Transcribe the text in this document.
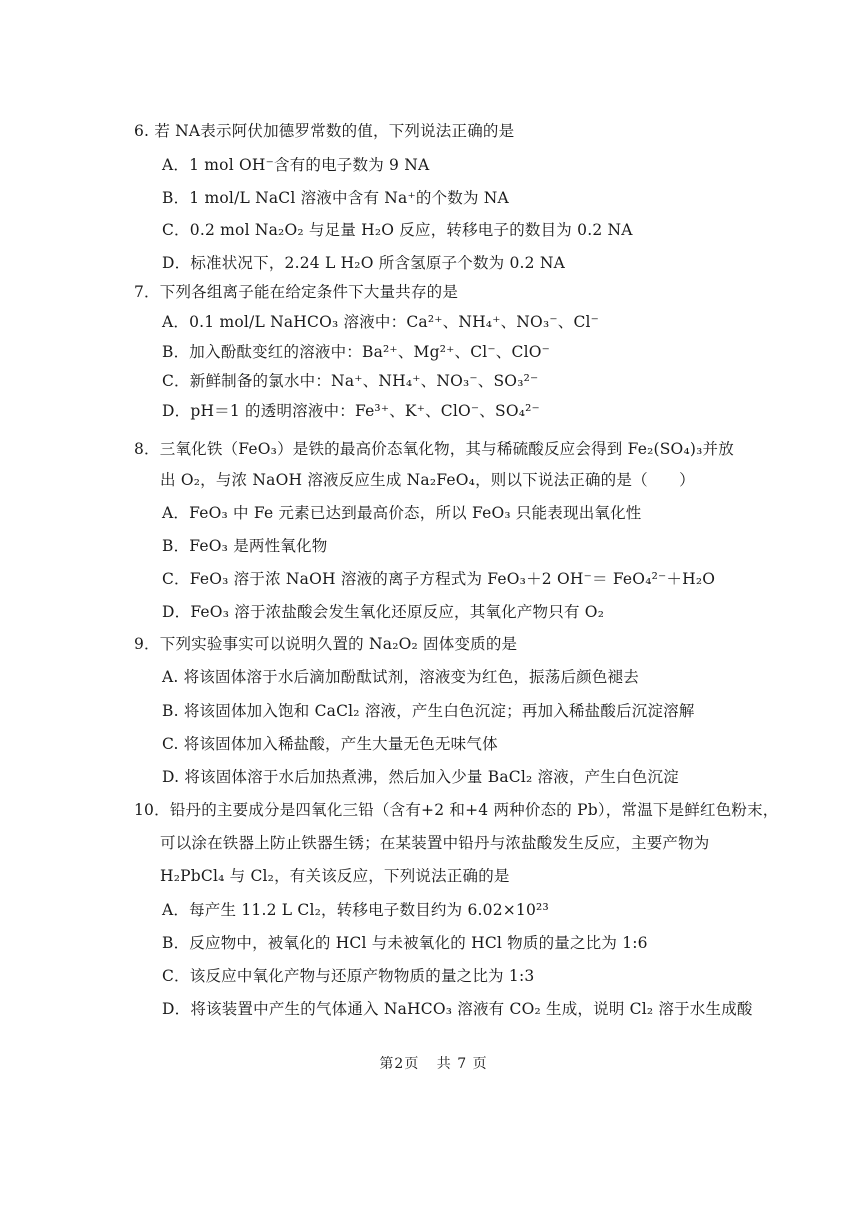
6. 若 NA表示阿伏加德罗常数的值，下列说法正确的是
A．1 mol OH⁻含有的电子数为 9 NA
B．1 mol/L NaCl 溶液中含有 Na⁺的个数为 NA
C．0.2 mol Na₂O₂ 与足量 H₂O 反应，转移电子的数目为 0.2 NA
D．标准状况下，2.24 L H₂O 所含氢原子个数为 0.2 NA
7．下列各组离子能在给定条件下大量共存的是
A．0.1 mol/L NaHCO₃ 溶液中：Ca²⁺、NH₄⁺、NO₃⁻、Cl⁻
B．加入酚酞变红的溶液中：Ba²⁺、Mg²⁺、Cl⁻、ClO⁻
C．新鲜制备的氯水中：Na⁺、NH₄⁺、NO₃⁻、SO₃²⁻
D．pH＝1 的透明溶液中：Fe³⁺、K⁺、ClO⁻、SO₄²⁻
8．三氧化铁（FeO₃）是铁的最高价态氧化物，其与稀硫酸反应会得到 Fe₂(SO₄)₃并放
出 O₂，与浓 NaOH 溶液反应生成 Na₂FeO₄，则以下说法正确的是（　　）
A．FeO₃ 中 Fe 元素已达到最高价态，所以 FeO₃ 只能表现出氧化性
B．FeO₃ 是两性氧化物
C．FeO₃ 溶于浓 NaOH 溶液的离子方程式为 FeO₃＋2 OH⁻＝ FeO₄²⁻＋H₂O
D．FeO₃ 溶于浓盐酸会发生氧化还原反应，其氧化产物只有 O₂
9．下列实验事实可以说明久置的 Na₂O₂ 固体变质的是
A. 将该固体溶于水后滴加酚酞试剂，溶液变为红色，振荡后颜色褪去
B. 将该固体加入饱和 CaCl₂ 溶液，产生白色沉淀；再加入稀盐酸后沉淀溶解
C. 将该固体加入稀盐酸，产生大量无色无味气体
D. 将该固体溶于水后加热煮沸，然后加入少量 BaCl₂ 溶液，产生白色沉淀
10．铅丹的主要成分是四氧化三铅（含有+2 和+4 两种价态的 Pb），常温下是鲜红色粉末，
可以涂在铁器上防止铁器生锈；在某装置中铅丹与浓盐酸发生反应，主要产物为
H₂PbCl₄ 与 Cl₂，有关该反应，下列说法正确的是
A．每产生 11.2 L Cl₂，转移电子数目约为 6.02×10²³
B．反应物中，被氧化的 HCl 与未被氧化的 HCl 物质的量之比为 1:6
C．该反应中氧化产物与还原产物物质的量之比为 1:3
D．将该装置中产生的气体通入 NaHCO₃ 溶液有 CO₂ 生成，说明 Cl₂ 溶于水生成酸
第2页 共 7 页
